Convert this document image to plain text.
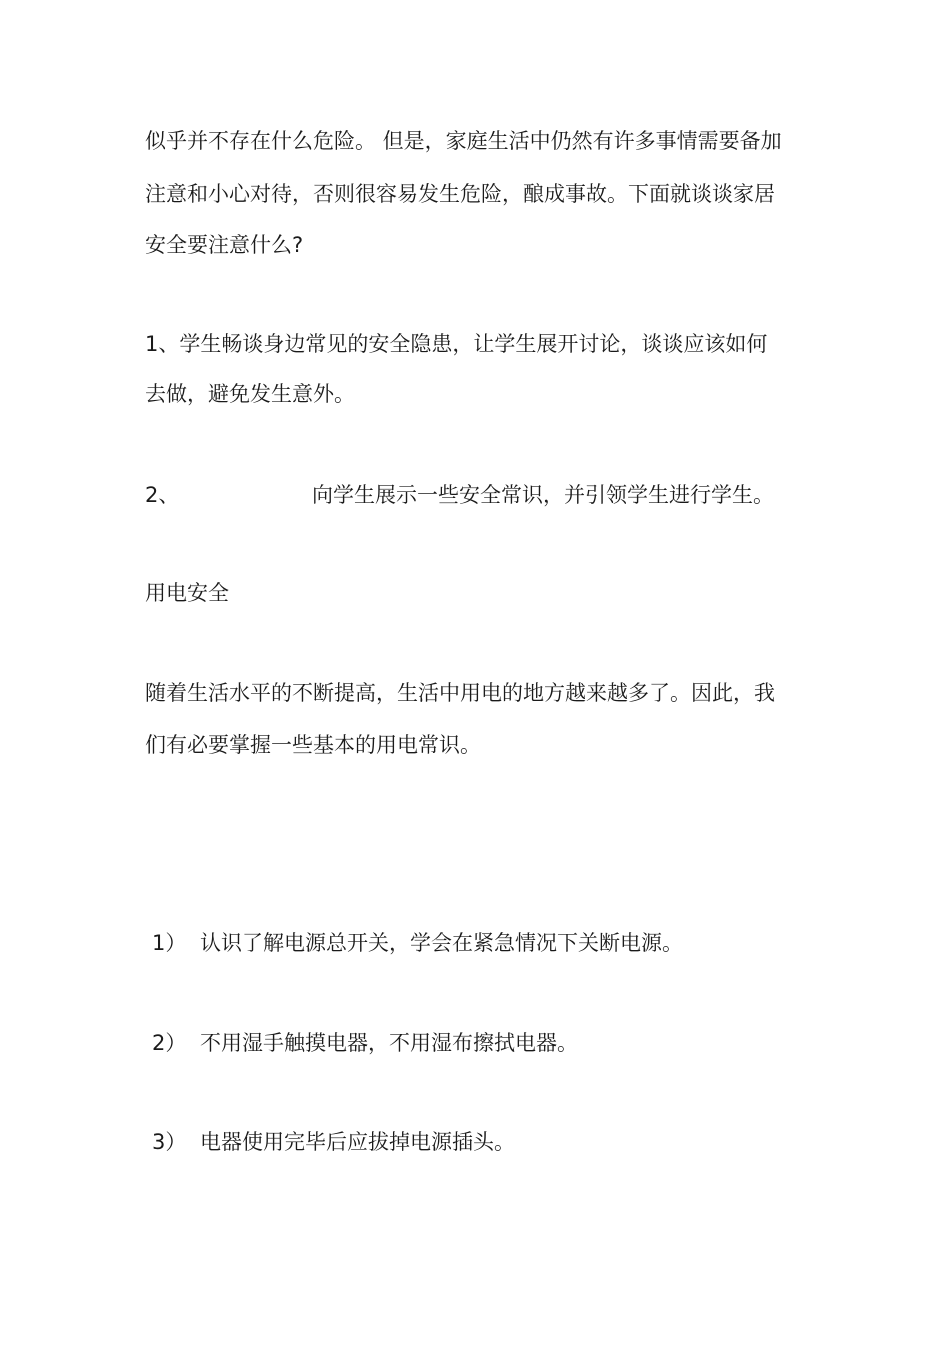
似乎并不存在什么危险。 但是，家庭生活中仍然有许多事情需要备加

注意和小心对待，否则很容易发生危险，酿成事故。下面就谈谈家居

安全要注意什么?

1、学生畅谈身边常见的安全隐患，让学生展开讨论，谈谈应该如何

去做，避免发生意外。

2、	向学生展示一些安全常识，并引领学生进行学生。

用电安全

随着生活水平的不断提高，生活中用电的地方越来越多了。因此，我

们有必要掌握一些基本的用电常识。

1） 认识了解电源总开关，学会在紧急情况下关断电源。
2） 不用湿手触摸电器，不用湿布擦拭电器。
3） 电器使用完毕后应拔掉电源插头。
